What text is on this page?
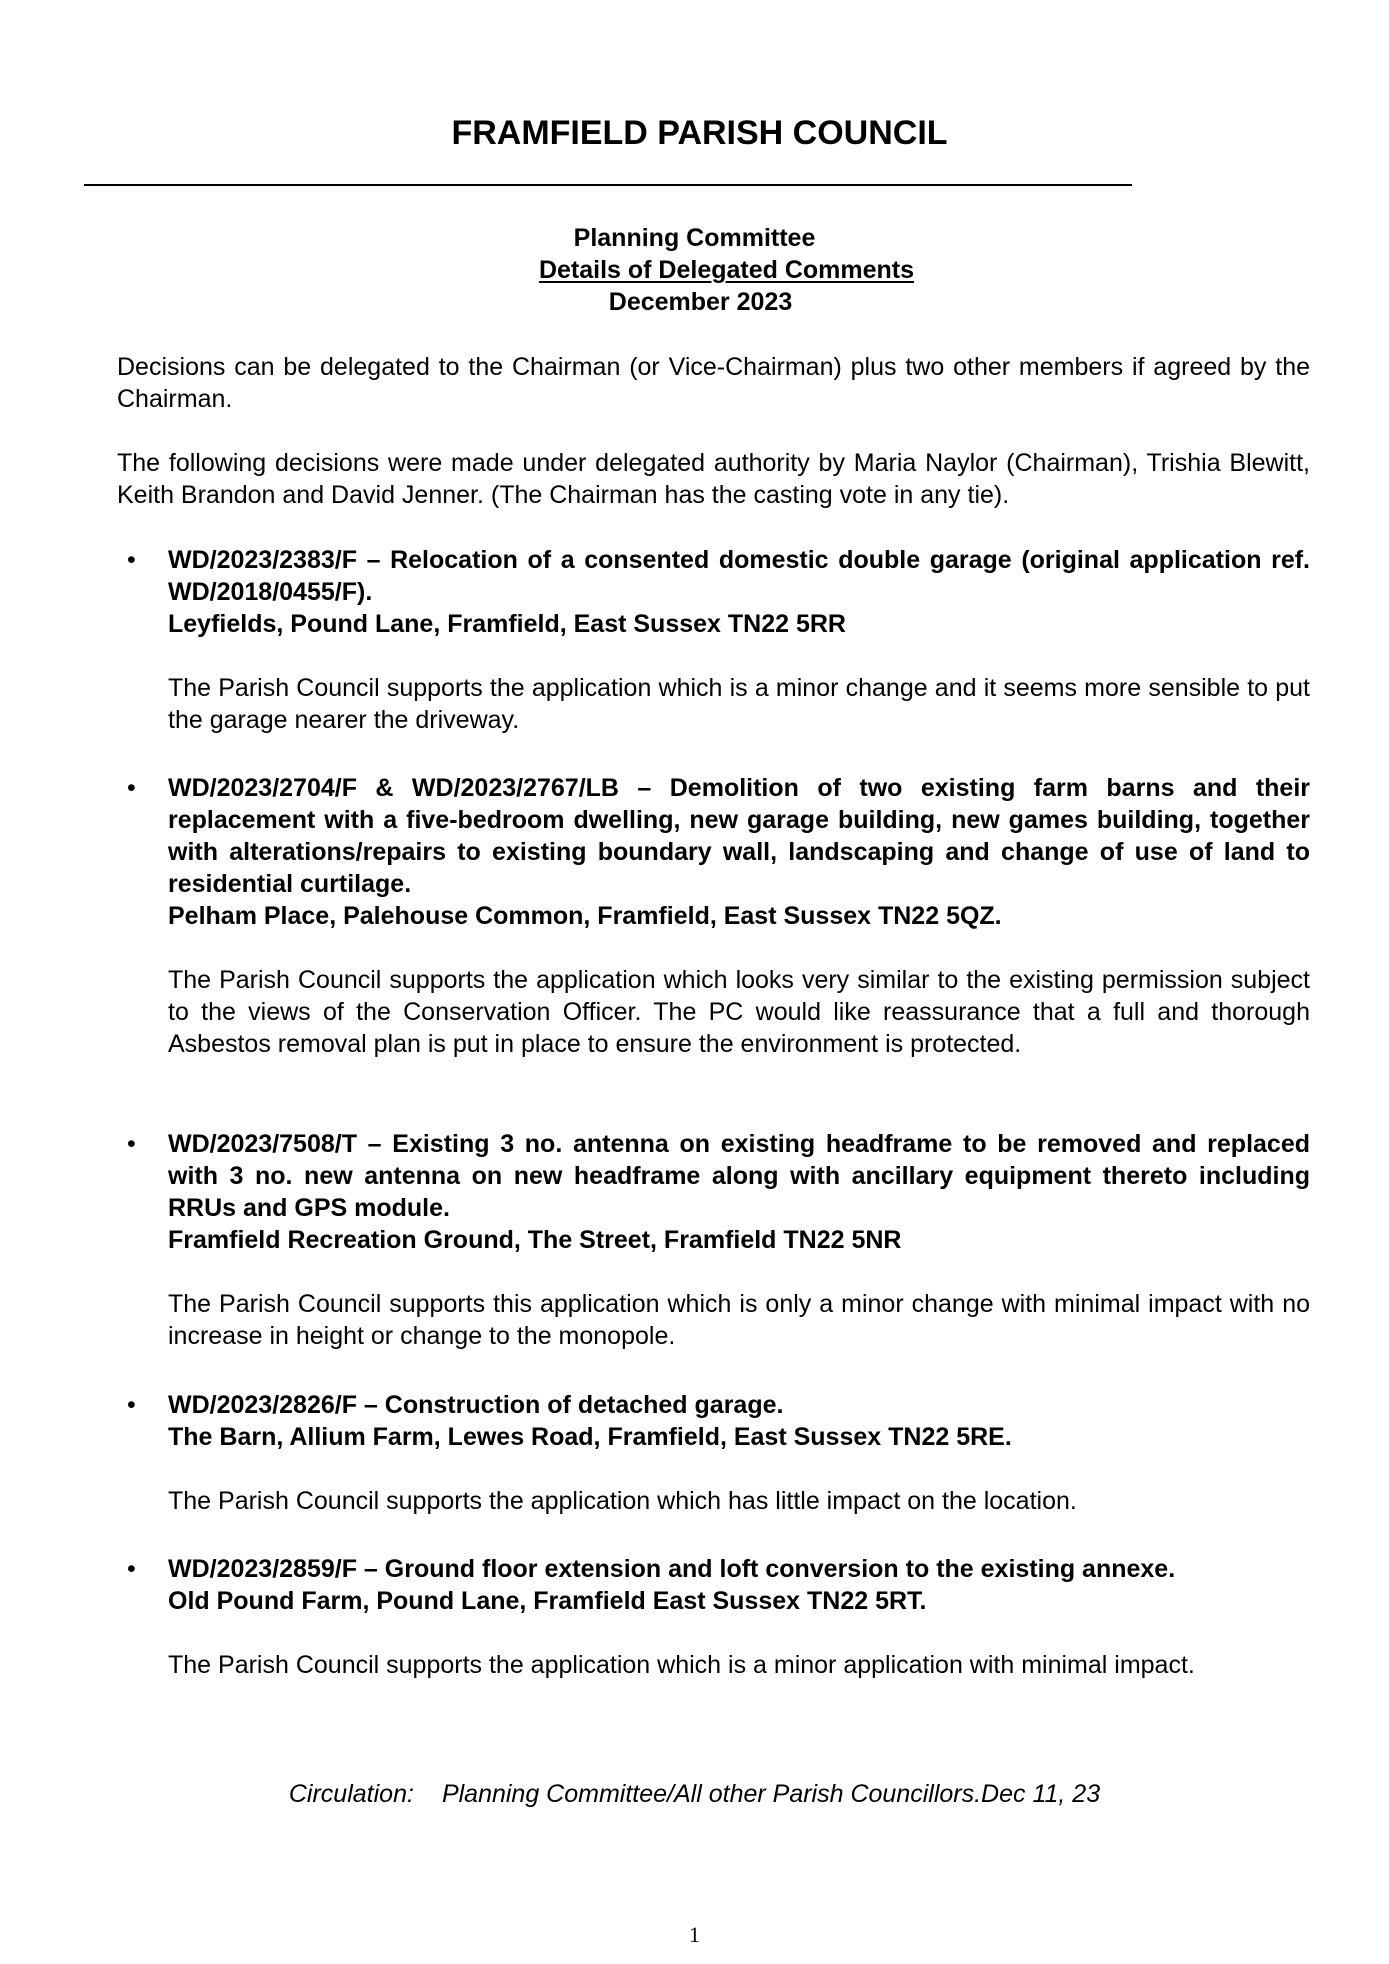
FRAMFIELD PARISH COUNCIL
Planning Committee
Details of Delegated Comments
December 2023

Decisions can be delegated to the Chairman (or Vice-Chairman) plus two other members if agreed by the Chairman.

The following decisions were made under delegated authority by Maria Naylor (Chairman), Trishia Blewitt, Keith Brandon and David Jenner. (The Chairman has the casting vote in any tie).

• WD/2023/2383/F – Relocation of a consented domestic double garage (original application ref. WD/2018/0455/F).
Leyfields, Pound Lane, Framfield, East Sussex TN22 5RR
The Parish Council supports the application which is a minor change and it seems more sensible to put the garage nearer the driveway.
• WD/2023/2704/F & WD/2023/2767/LB – Demolition of two existing farm barns and their replacement with a five-bedroom dwelling, new garage building, new games building, together with alterations/repairs to existing boundary wall, landscaping and change of use of land to residential curtilage.
Pelham Place, Palehouse Common, Framfield, East Sussex TN22 5QZ.
The Parish Council supports the application which looks very similar to the existing permission subject to the views of the Conservation Officer. The PC would like reassurance that a full and thorough Asbestos removal plan is put in place to ensure the environment is protected.
• WD/2023/7508/T – Existing 3 no. antenna on existing headframe to be removed and replaced with 3 no. new antenna on new headframe along with ancillary equipment thereto including RRUs and GPS module.
Framfield Recreation Ground, The Street, Framfield TN22 5NR
The Parish Council supports this application which is only a minor change with minimal impact with no increase in height or change to the monopole.
• WD/2023/2826/F – Construction of detached garage.
The Barn, Allium Farm, Lewes Road, Framfield, East Sussex TN22 5RE.
The Parish Council supports the application which has little impact on the location.
• WD/2023/2859/F – Ground floor extension and loft conversion to the existing annexe.
Old Pound Farm, Pound Lane, Framfield East Sussex TN22 5RT.
The Parish Council supports the application which is a minor application with minimal impact.
Circulation: Planning Committee/All other Parish Councillors.Dec 11, 23
1
